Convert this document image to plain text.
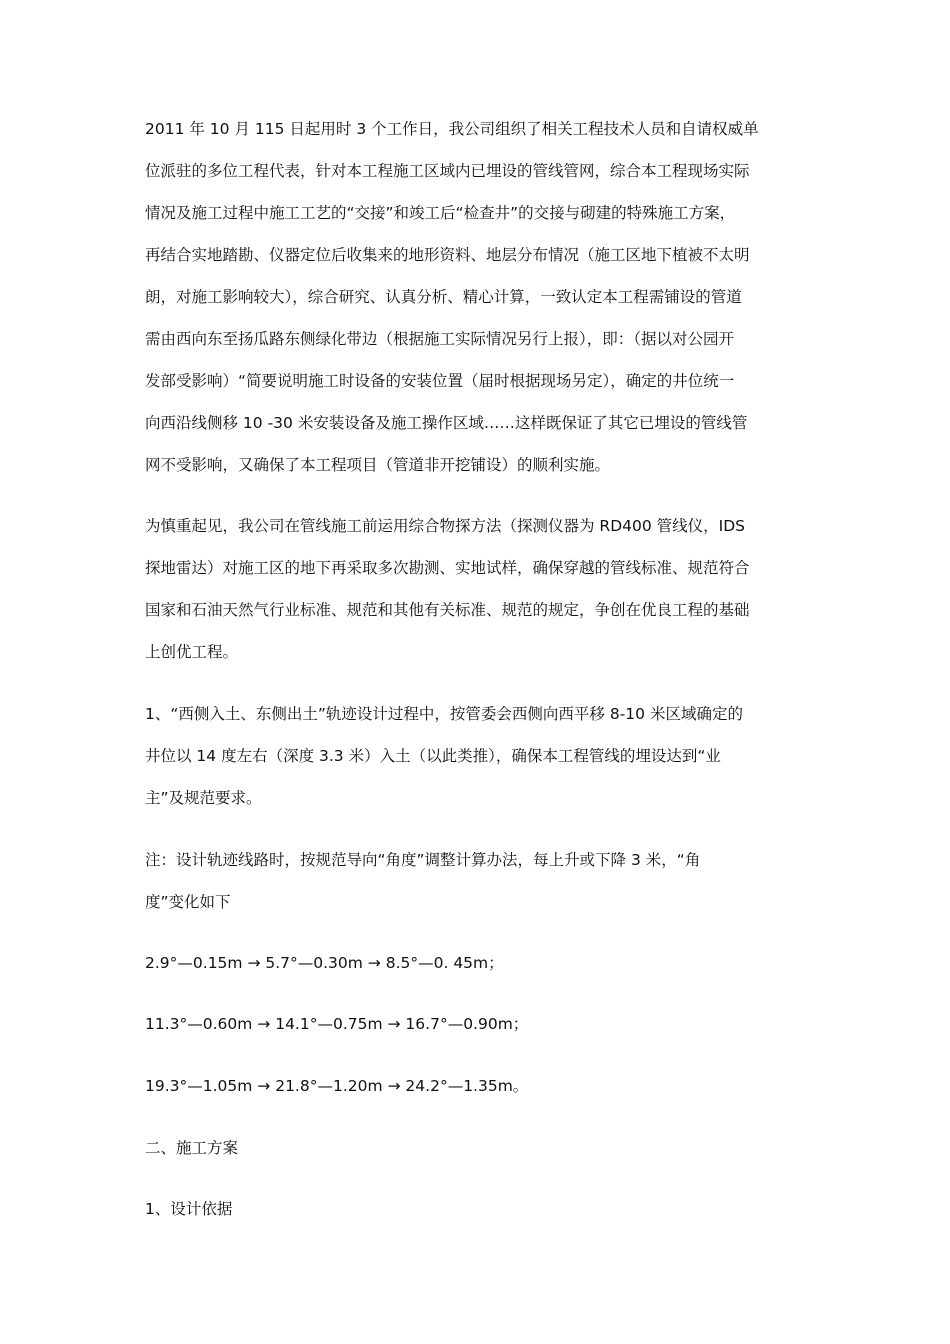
2011 年 10 月 115 日起用时 3 个工作日，我公司组织了相关工程技术人员和自请权威单
位派驻的多位工程代表，针对本工程施工区域内已埋设的管线管网，综合本工程现场实际
情况及施工过程中施工工艺的“交接”和竣工后“检查井”的交接与砌建的特殊施工方案，
再结合实地踏勘、仪器定位后收集来的地形资料、地层分布情况（施工区地下植被不太明
朗，对施工影响较大），综合研究、认真分析、精心计算，一致认定本工程需铺设的管道
需由西向东至扬瓜路东侧绿化带边（根据施工实际情况另行上报），即：（据以对公园开
发部受影响）“简要说明施工时设备的安装位置（届时根据现场另定），确定的井位统一
向西沿线侧移 10 -30 米安装设备及施工操作区域……这样既保证了其它已埋设的管线管
网不受影响，又确保了本工程项目（管道非开挖铺设）的顺利实施。
为慎重起见，我公司在管线施工前运用综合物探方法（探测仪器为 RD400 管线仪，IDS
探地雷达）对施工区的地下再采取多次勘测、实地试样，确保穿越的管线标准、规范符合
国家和石油天然气行业标准、规范和其他有关标准、规范的规定，争创在优良工程的基础
上创优工程。
1、“西侧入土、东侧出土”轨迹设计过程中，按管委会西侧向西平移 8-10 米区域确定的
井位以 14 度左右（深度 3.3 米）入土（以此类推），确保本工程管线的埋设达到“业
主”及规范要求。
注：设计轨迹线路时，按规范导向“角度”调整计算办法，每上升或下降 3 米，“角
度”变化如下
2.9°—0.15m → 5.7°—0.30m → 8.5°—0. 45m；
11.3°—0.60m → 14.1°—0.75m → 16.7°—0.90m；
19.3°—1.05m → 21.8°—1.20m → 24.2°—1.35m。
二、施工方案
1、设计依据
